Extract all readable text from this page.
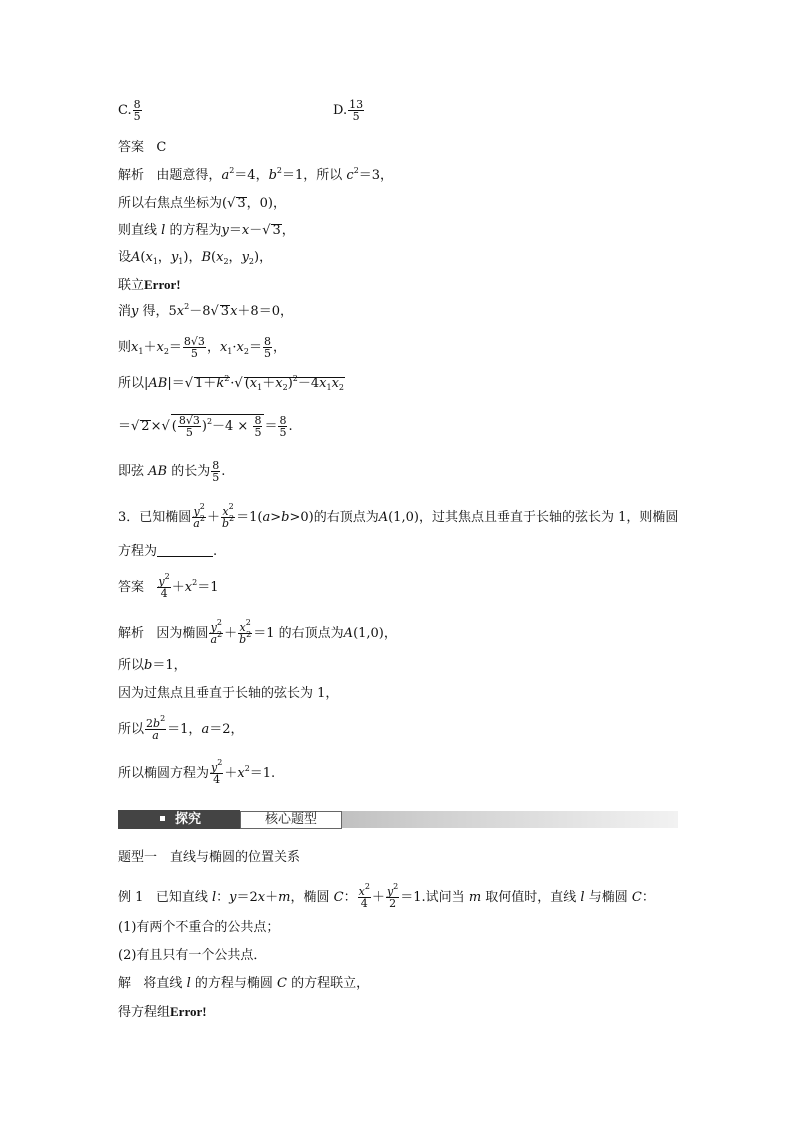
C. $\frac{8}{5}$	D. $\frac{13}{5}$
答案 C
解析 由题意得，$a^2=4$，$b^2=1$，所以 $c^2=3$，
所以右焦点坐标为(√ 3，0)，
则直线 l 的方程为y＝x－√ 3，
设$A(x_1$，$y_1$)，$B(x_2$，$y_2$)，
联立Error!
消y 得，$5x^2-8√$ 3x＋8＝0，
则$x_1+x_2= \frac{8√3}{5}$ ，$x_1\cdot x_2= \frac{8}{5}$ ，
所以|AB|＝√ $1+k^2\cdot√$ $(x_1+x_2)^2-4x_1x_2$
＝√ 2×√ ( $\frac{8√3}{5} )^2-4 \times \frac{8}{5} = \frac{8}{5}$ .
即弦 AB 的长为 $\frac{8}{5}$ .
3．已知椭圆 $\frac{y^2}{a^2} + \frac{x^2}{b^2} =1(a>b>0)$的右顶点为A(1,0)，过其焦点且垂直于长轴的弦长为 1，则椭圆
方程为	.
答案 $\frac{y^2}{4} +x^2=1$
解析 因为椭圆 $\frac{y^2}{a^2} + \frac{x^2}{b^2} =1$ 的右顶点为A(1,0)，
所以b＝1，
因为过焦点且垂直于长轴的弦长为 1，
所以 $\frac{2b^2}{a} =1$，a＝2，
所以椭圆方程为 $\frac{y^2}{4} +x^2=1$.
探究	核心题型
题型一　直线与椭圆的位置关系
例 1 已知直线 l：y＝2x＋m，椭圆 C： $\frac{x^2}{4} + \frac{y^2}{2} =1$.试问当 m 取何值时，直线 l 与椭圆 C：
(1)有两个不重合的公共点；
(2)有且只有一个公共点．
解 将直线 l 的方程与椭圆 C 的方程联立，
得方程组Error!
